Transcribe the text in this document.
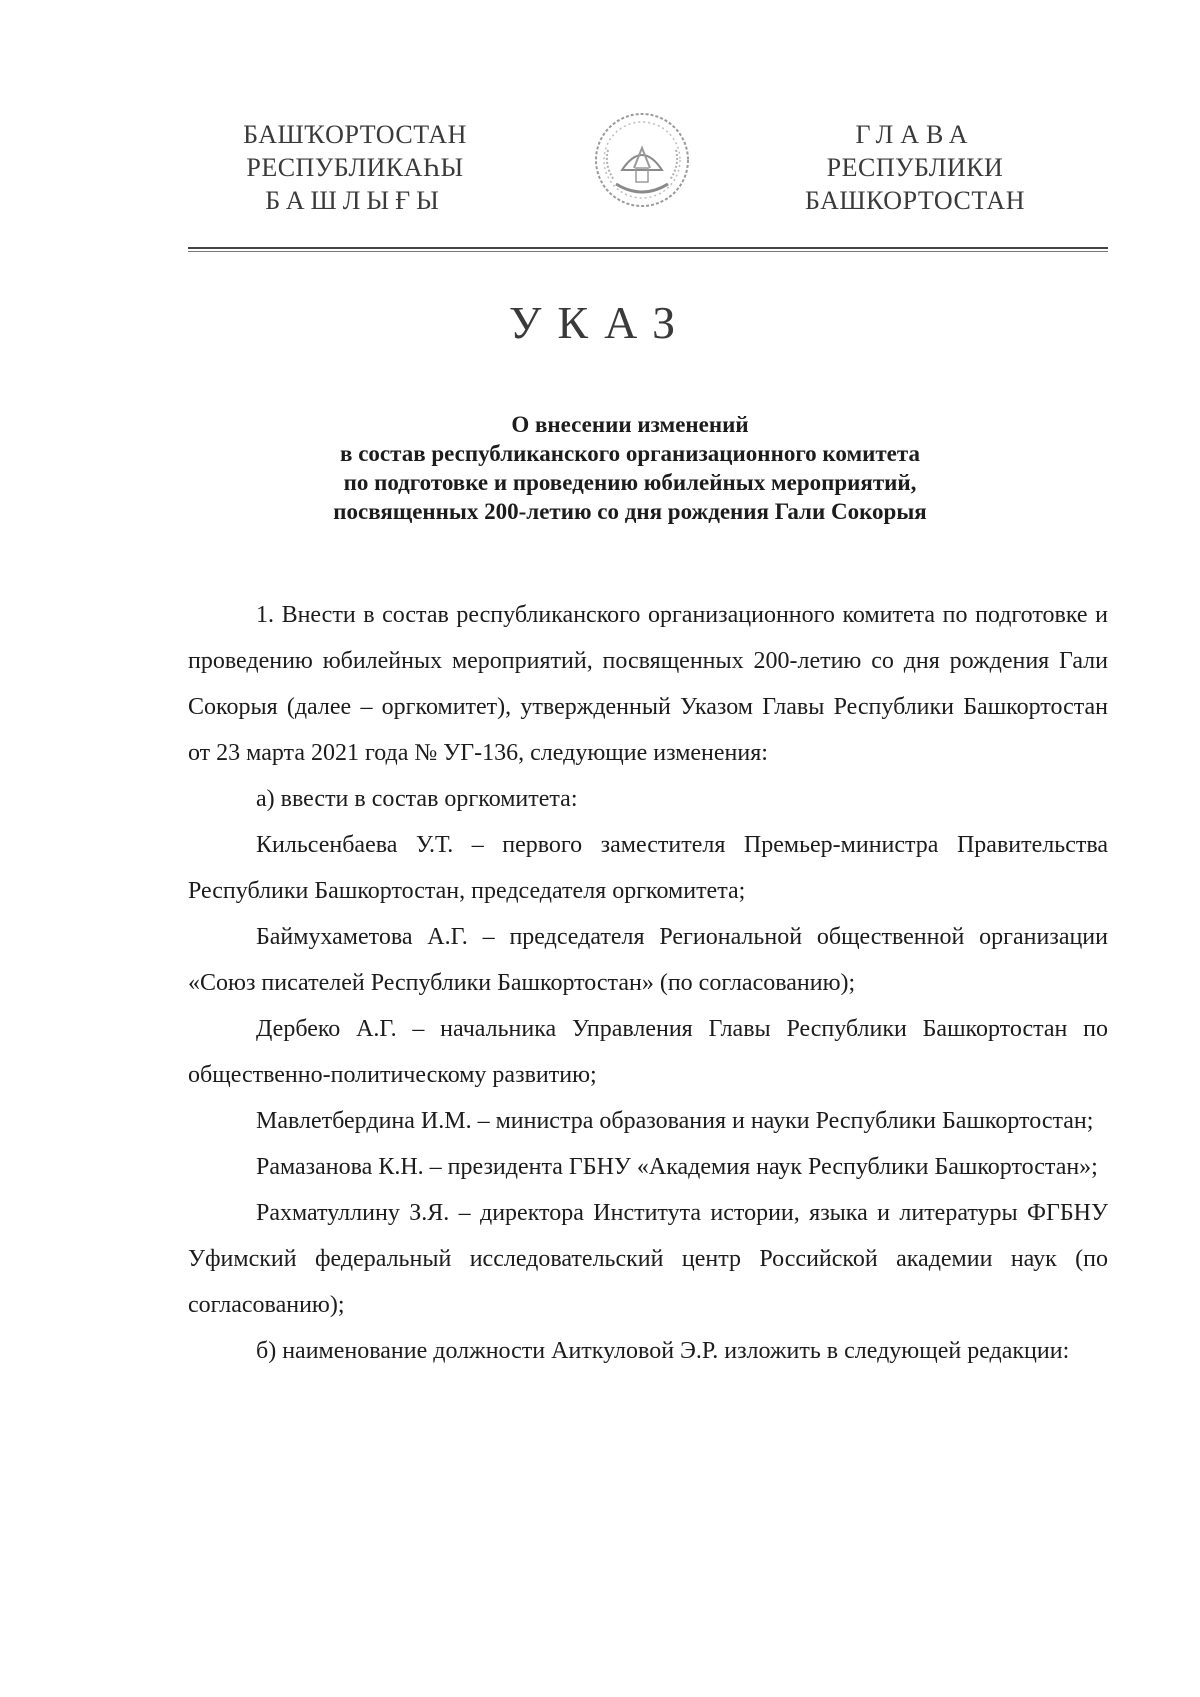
БАШҠОРТОСТАН
РЕСПУБЛИКАҺЫ
БАШЛЫҒЫ
ГЛАВА
РЕСПУБЛИКИ
БАШКОРТОСТАН
УКАЗ
О внесении изменений
в состав республиканского организационного комитета
по подготовке и проведению юбилейных мероприятий,
посвященных 200-летию со дня рождения Гали Сокорыя

1. Внести в состав республиканского организационного комитета по подготовке и проведению юбилейных мероприятий, посвященных 200-летию со дня рождения Гали Сокорыя (далее – оргкомитет), утвержденный Указом Главы Республики Башкортостан от 23 марта 2021 года № УГ-136, следующие изменения:

а) ввести в состав оргкомитета:

Кильсенбаева У.Т. – первого заместителя Премьер-министра Правительства Республики Башкортостан, председателя оргкомитета;

Баймухаметова А.Г. – председателя Региональной общественной организации «Союз писателей Республики Башкортостан» (по согласованию);

Дербеко А.Г. – начальника Управления Главы Республики Башкортостан по общественно-политическому развитию;

Мавлетбердина И.М. – министра образования и науки Республики Башкортостан;

Рамазанова К.Н. – президента ГБНУ «Академия наук Республики Башкортостан»;

Рахматуллину З.Я. – директора Института истории, языка и литературы ФГБНУ Уфимский федеральный исследовательский центр Российской академии наук (по согласованию);

б) наименование должности Аиткуловой Э.Р. изложить в следующей редакции:
